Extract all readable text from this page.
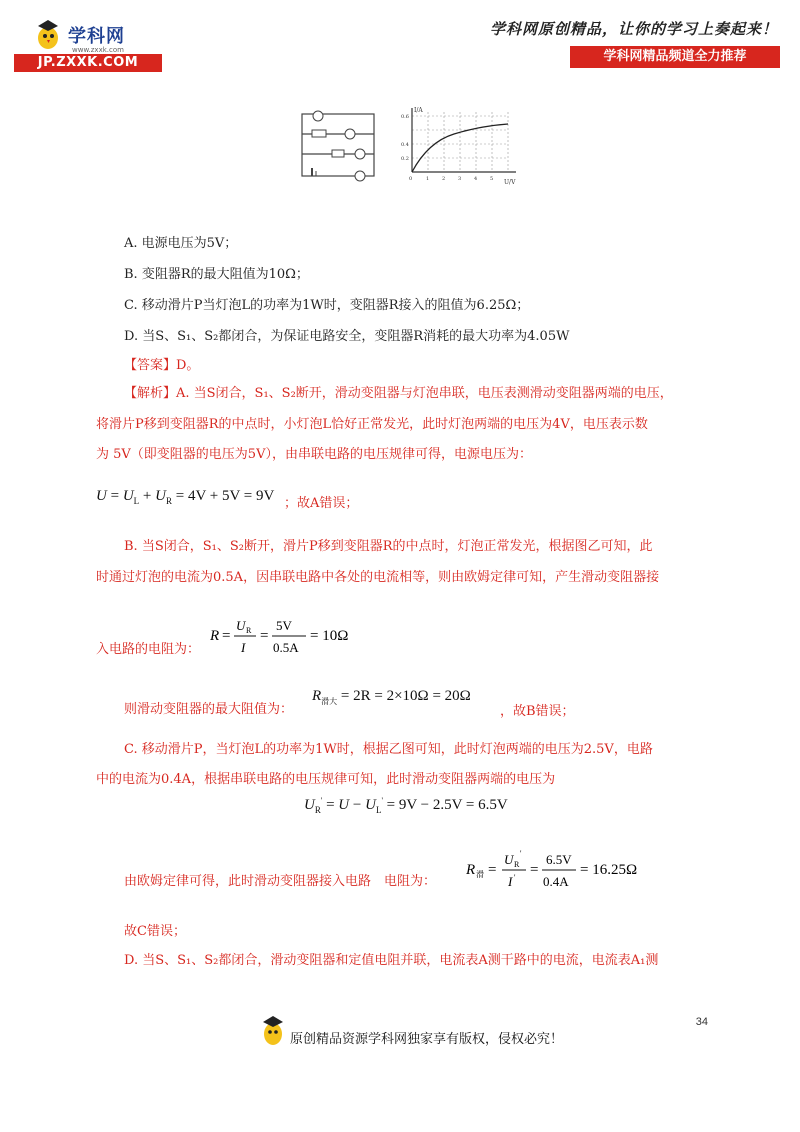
学科网
www.zxxk.com
JP.ZXXK.COM
学科网原创精品，让你的学习上奏起来！
学科网精品频道全力推荐
I/A
U/V
0.6
0.4
0.2
0	1	2	3	4	5
A. 电源电压为5V；
B. 变阻器R的最大阻值为10Ω；
C. 移动滑片P当灯泡L的功率为1W时，变阻器R接入的阻值为6.25Ω；
D. 当S、S₁、S₂都闭合，为保证电路安全，变阻器R消耗的最大功率为4.05W
【答案】D。
【解析】A. 当S闭合，S₁、S₂断开，滑动变阻器与灯泡串联，电压表测滑动变阻器两端的电压，
将滑片P移到变阻器R的中点时，小灯泡L恰好正常发光，此时灯泡两端的电压为4V，电压表示数
为 5V（即变阻器的电压为5V），由串联电路的电压规律可得，电源电压为：
$U = U_L + U_R = 4V + 5V = 9V$ ；故A错误；
B. 当S闭合，S₁、S₂断开，滑片P移到变阻器R的中点时，灯泡正常发光，根据图乙可知，此
时通过灯泡的电流为0.5A，因串联电路中各处的电流相等，则由欧姆定律可知，产生滑动变阻器接
入电路的电阻为：
R =
U R
I
=
5V
0.5A
= 10Ω
则滑动变阻器的最大阻值为：
$R_{滑大} = 2R = 2\times 10\Omega = 20\Omega$
，故B错误；
C. 移动滑片P，当灯泡L的功率为1W时，根据乙图可知，此时灯泡两端的电压为2.5V，电路
中的电流为0.4A，根据串联电路的电压规律可知，此时滑动变阻器两端的电压为
$U_R' = U - U_L' = 9V - 2.5V = 6.5V$
由欧姆定律可得，此时滑动变阻器接入电路　电阻为：
R 滑 =
U R
'
I ' =
6.5V
0.4A
= 16.25Ω
故C错误；
D. 当S、S₁、S₂都闭合，滑动变阻器和定值电阻并联，电流表A测干路中的电流，电流表A₁测
34
原创精品资源学科网独家享有版权，侵权必究！
